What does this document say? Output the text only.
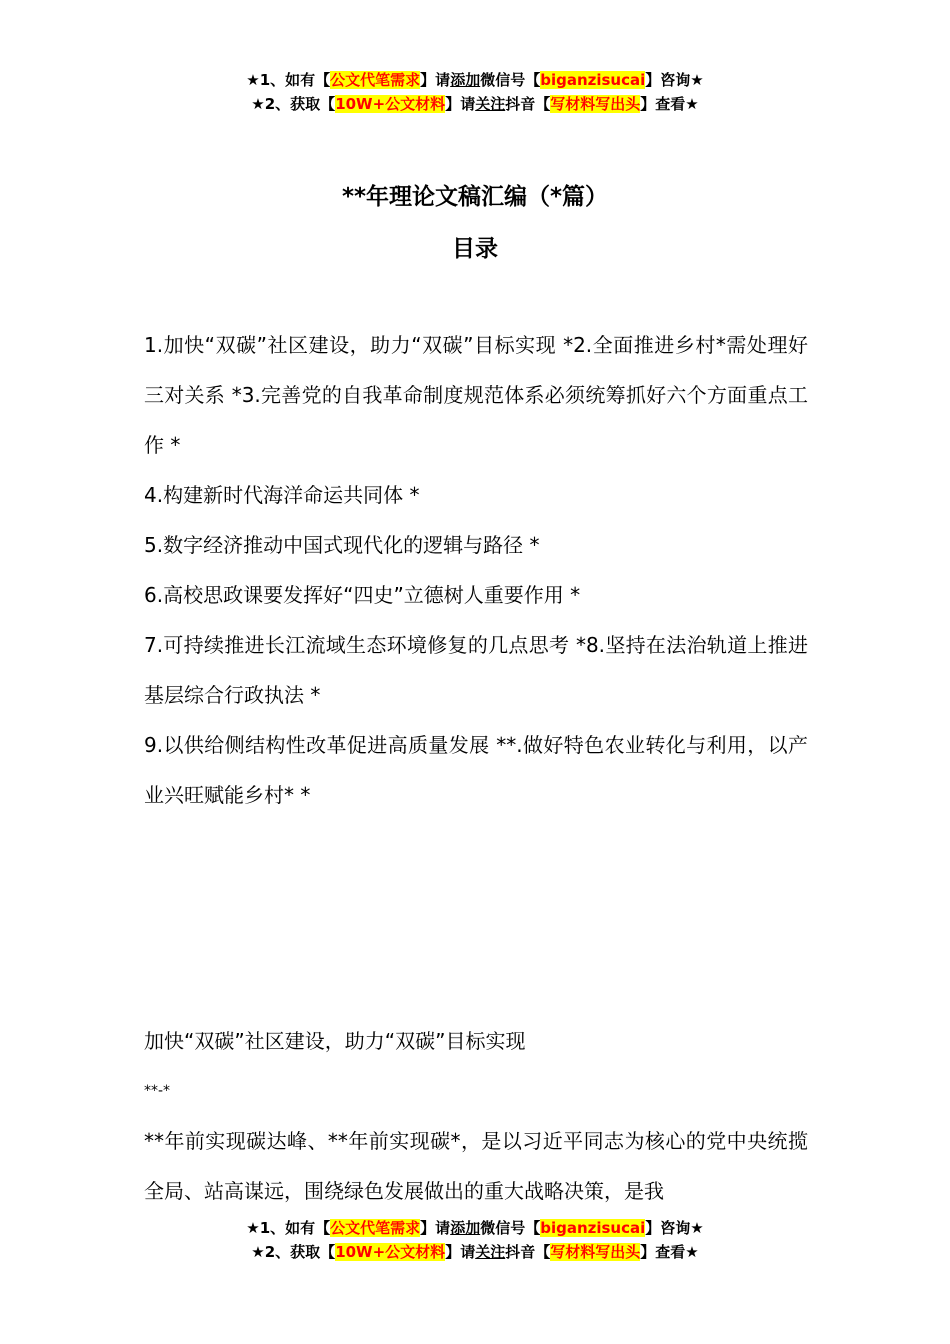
★1、如有【公文代笔需求】请添加微信号【biganzisucai】咨询★
★2、获取【10W+公文材料】请关注抖音【写材料写出头】查看★
**年理论文稿汇编（*篇）
目录

1.加快“双碳”社区建设，助力“双碳”目标实现 *2.全面推进乡村*需处理好三对关系 *3.完善党的自我革命制度规范体系必须统筹抓好六个方面重点工作 *

4.构建新时代海洋命运共同体 *

5.数字经济推动中国式现代化的逻辑与路径 *

6.高校思政课要发挥好“四史”立德树人重要作用 *

7.可持续推进长江流域生态环境修复的几点思考 *8.坚持在法治轨道上推进基层综合行政执法 *

9.以供给侧结构性改革促进高质量发展 **.做好特色农业转化与利用，以产业兴旺赋能乡村* *

加快“双碳”社区建设，助力“双碳”目标实现

**-*

**年前实现碳达峰、**年前实现碳*，是以习近平同志为核心的党中央统揽全局、站高谋远，围绕绿色发展做出的重大战略决策，是我

★1、如有【公文代笔需求】请添加微信号【biganzisucai】咨询★
★2、获取【10W+公文材料】请关注抖音【写材料写出头】查看★
